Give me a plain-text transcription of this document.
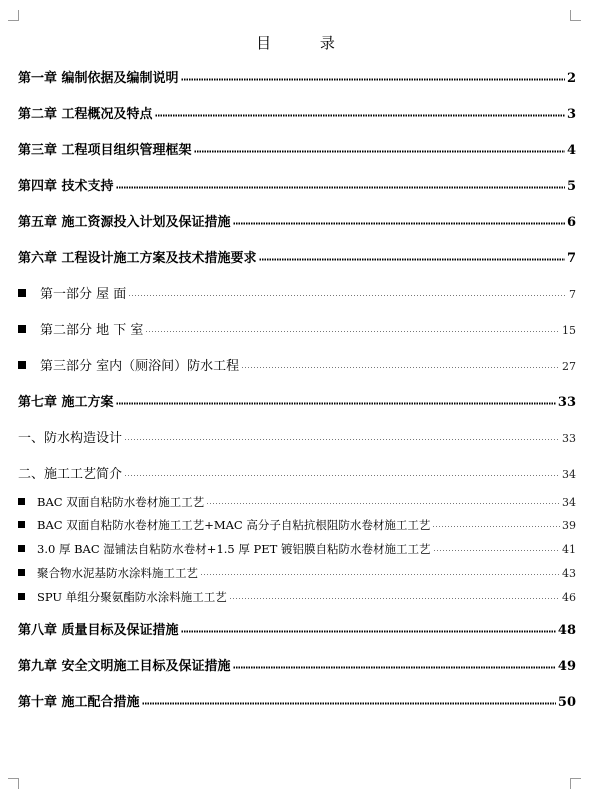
目 录
第一章 编制依据及编制说明	2
第二章 工程概况及特点	3
第三章 工程项目组织管理框架	4
第四章 技术支持	5
第五章 施工资源投入计划及保证措施	6
第六章 工程设计施工方案及技术措施要求	7
第一部分 屋 面	7
第二部分 地 下 室	15
第三部分 室内（厕浴间）防水工程	27
第七章 施工方案	33
一、防水构造设计	33
二、施工工艺简介	34
BAC 双面自粘防水卷材施工工艺	34
BAC 双面自粘防水卷材施工工艺+MAC 高分子自粘抗根阻防水卷材施工工艺	39
3.0 厚 BAC 湿铺法自粘防水卷材+1.5 厚 PET 镀铝膜自粘防水卷材施工工艺	41
聚合物水泥基防水涂料施工工艺	43
SPU 单组分聚氨酯防水涂料施工工艺	46
第八章 质量目标及保证措施	48
第九章 安全文明施工目标及保证措施	49
第十章 施工配合措施	50
